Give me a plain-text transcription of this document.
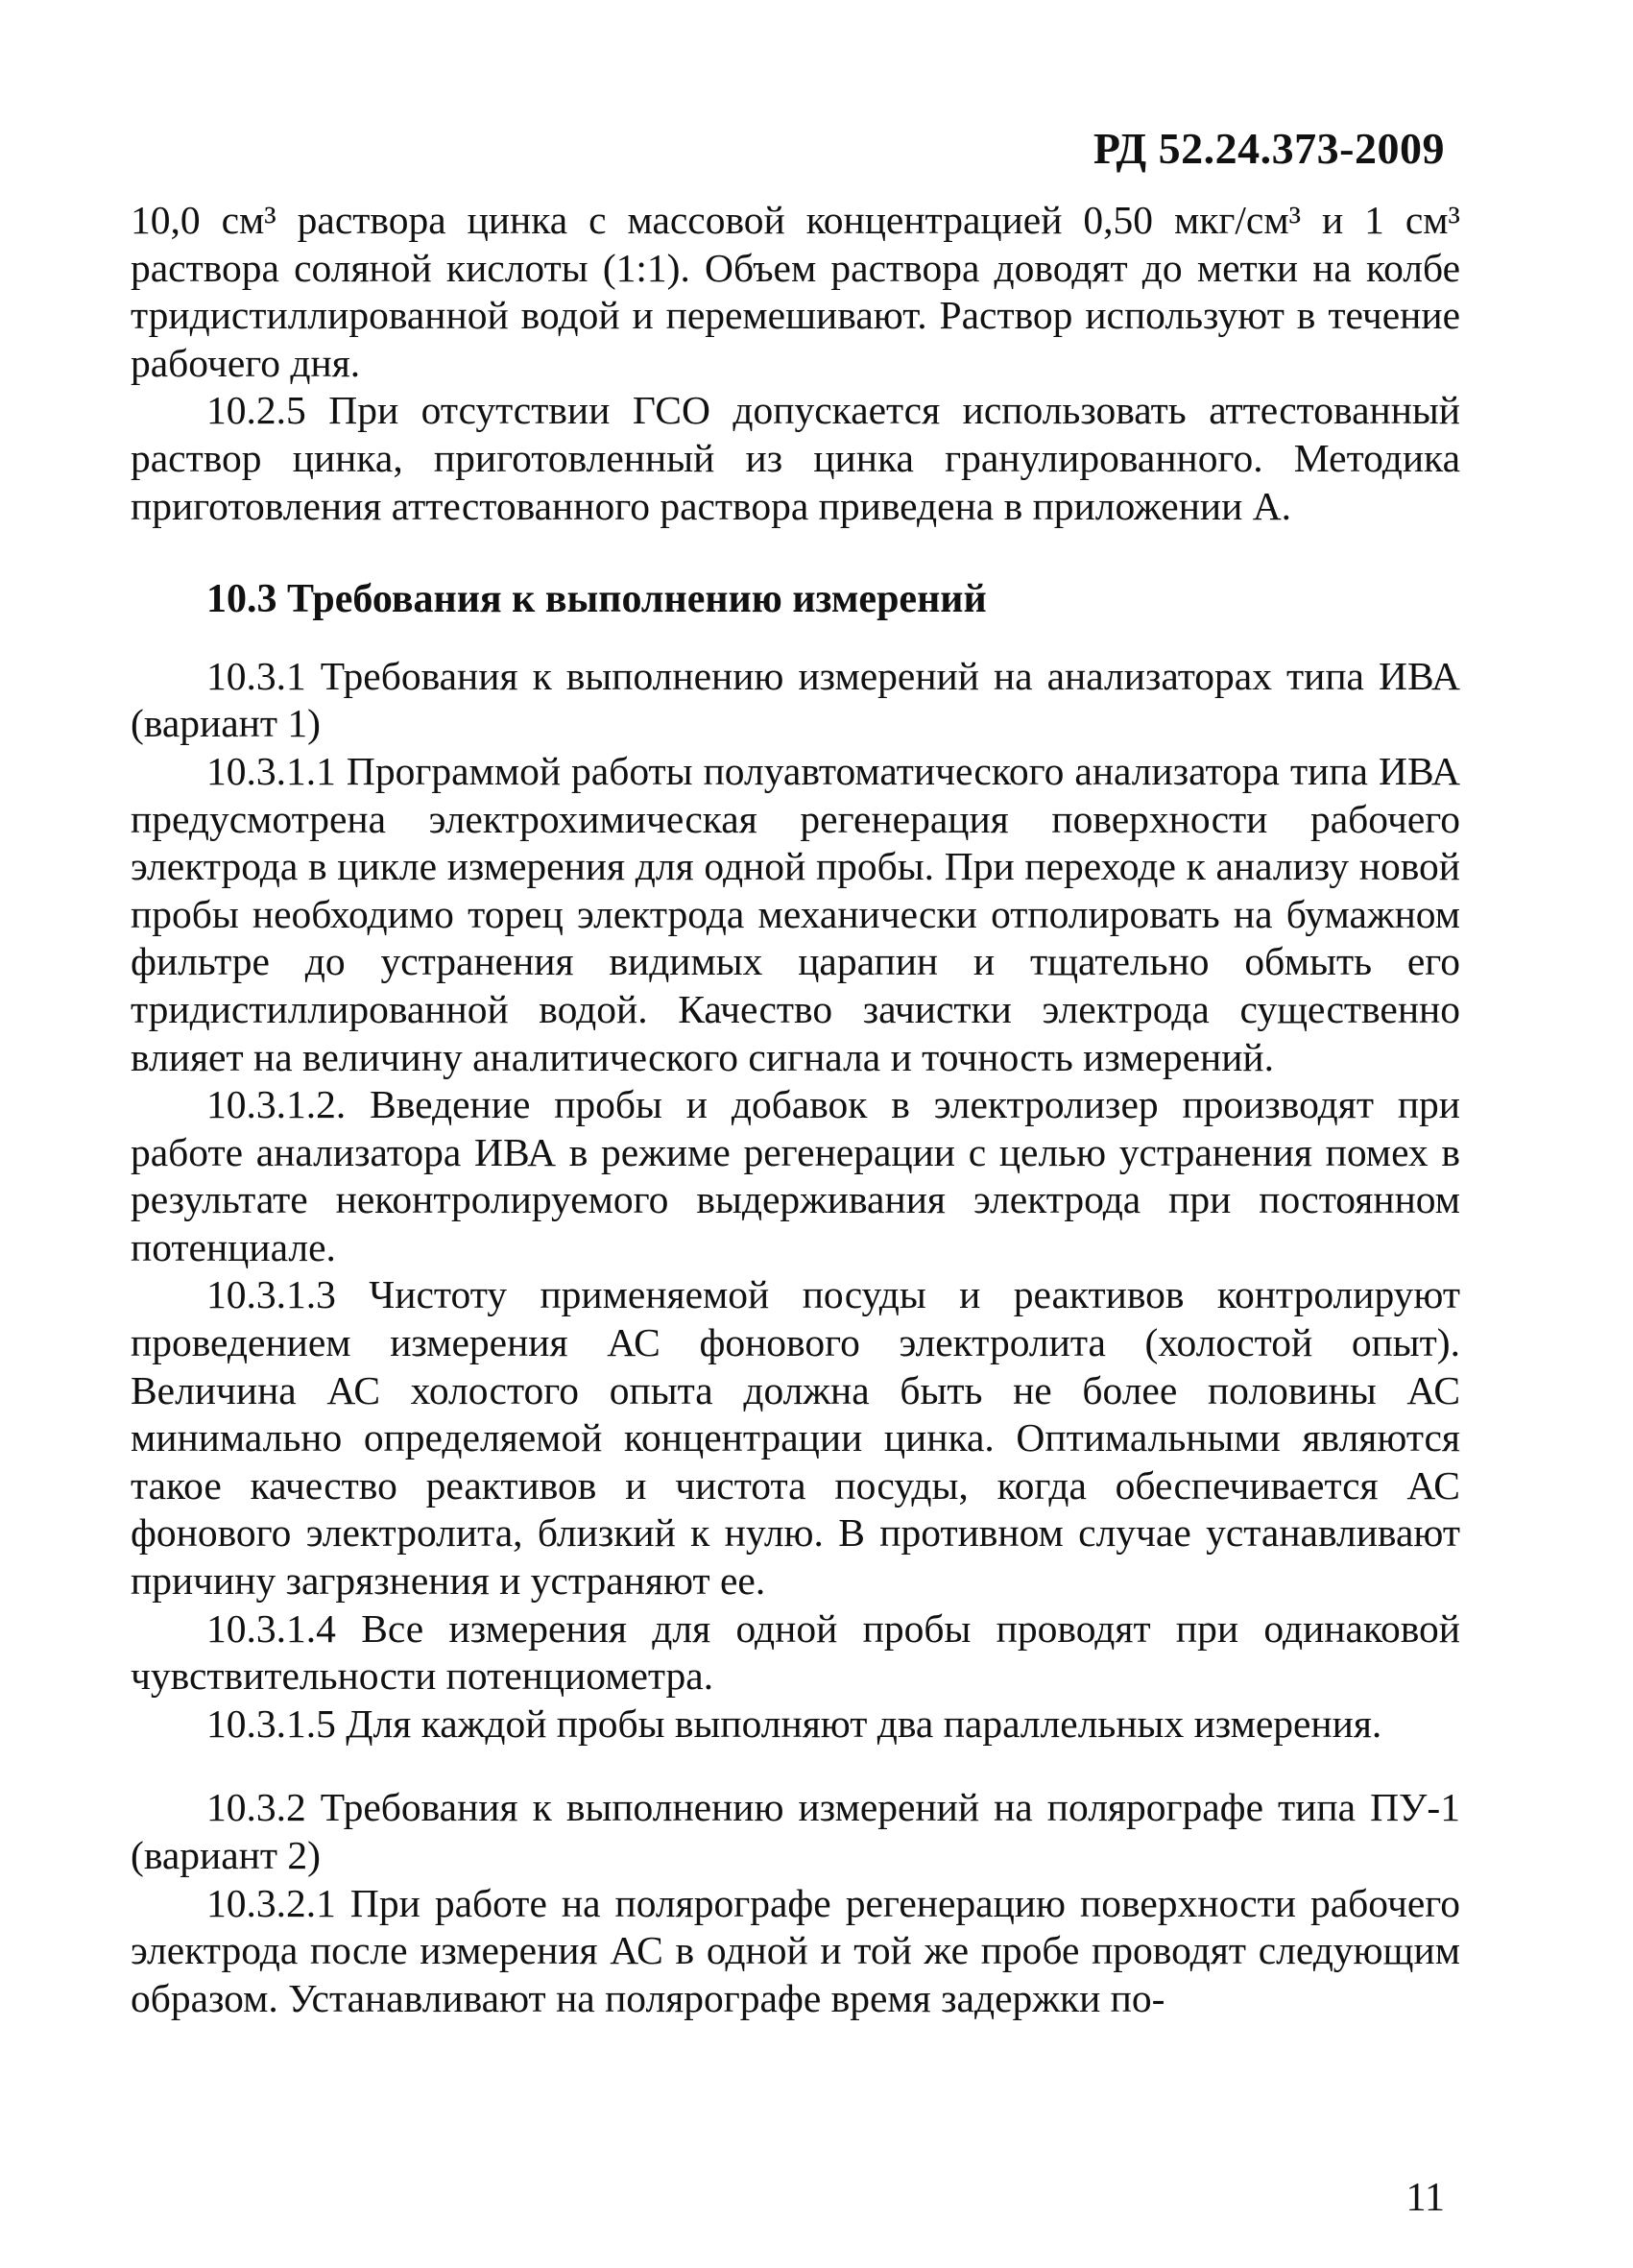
РД 52.24.373-2009

10,0 см³ раствора цинка с массовой концентрацией 0,50 мкг/см³ и 1 см³ раствора соляной кислоты (1:1). Объем раствора доводят до метки на колбе тридистиллированной водой и перемешивают. Раствор используют в течение рабочего дня.

10.2.5 При отсутствии ГСО допускается использовать аттестованный раствор цинка, приготовленный из цинка гранулированного. Методика приготовления аттестованного раствора приведена в приложении А.

10.3 Требования к выполнению измерений

10.3.1 Требования к выполнению измерений на анализаторах типа ИВА (вариант 1)

10.3.1.1 Программой работы полуавтоматического анализатора типа ИВА предусмотрена электрохимическая регенерация поверхности рабочего электрода в цикле измерения для одной пробы. При переходе к анализу новой пробы необходимо торец электрода механически отполировать на бумажном фильтре до устранения видимых царапин и тщательно обмыть его тридистиллированной водой. Качество зачистки электрода существенно влияет на величину аналитического сигнала и точность измерений.

10.3.1.2. Введение пробы и добавок в электролизер производят при работе анализатора ИВА в режиме регенерации с целью устранения помех в результате неконтролируемого выдерживания электрода при постоянном потенциале.

10.3.1.3 Чистоту применяемой посуды и реактивов контролируют проведением измерения АС фонового электролита (холостой опыт). Величина АС холостого опыта должна быть не более половины АС минимально определяемой концентрации цинка. Оптимальными являются такое качество реактивов и чистота посуды, когда обеспечивается АС фонового электролита, близкий к нулю. В противном случае устанавливают причину загрязнения и устраняют ее.

10.3.1.4 Все измерения для одной пробы проводят при одинаковой чувствительности потенциометра.

10.3.1.5 Для каждой пробы выполняют два параллельных измерения.

10.3.2 Требования к выполнению измерений на полярографе типа ПУ-1 (вариант 2)

10.3.2.1 При работе на полярографе регенерацию поверхности рабочего электрода после измерения АС в одной и той же пробе проводят следующим образом. Устанавливают на полярографе время задержки по-

11
